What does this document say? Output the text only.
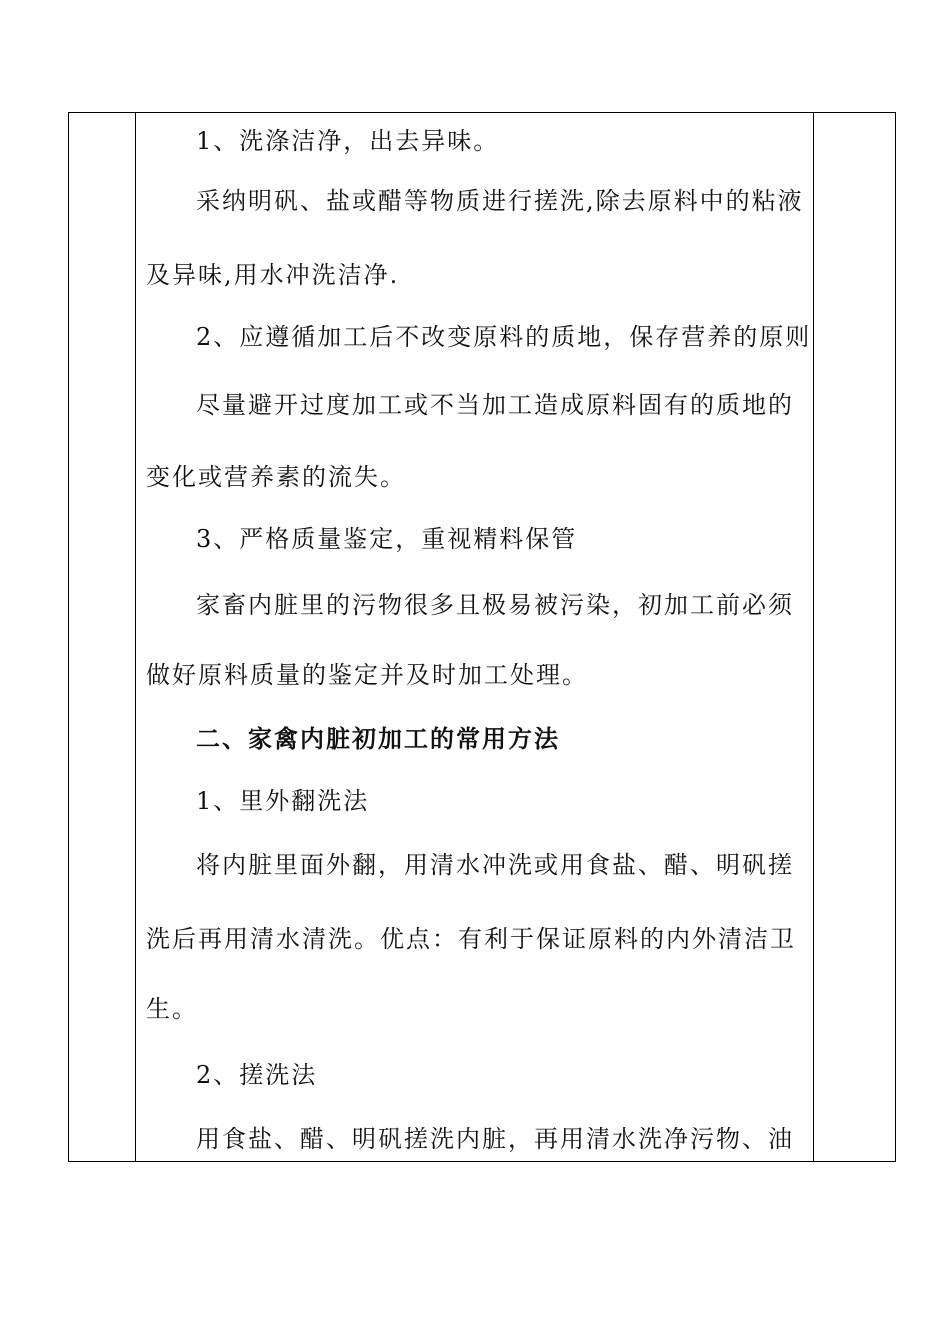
1、洗涤洁净，出去异味。
采纳明矾、盐或醋等物质进行搓洗,除去原料中的粘液
及异味,用水冲洗洁净.
2、应遵循加工后不改变原料的质地，保存营养的原则
尽量避开过度加工或不当加工造成原料固有的质地的
变化或营养素的流失。
3、严格质量鉴定，重视精料保管
家畜内脏里的污物很多且极易被污染，初加工前必须
做好原料质量的鉴定并及时加工处理。
二、家禽内脏初加工的常用方法
1、里外翻洗法
将内脏里面外翻，用清水冲洗或用食盐、醋、明矾搓
洗后再用清水清洗。优点：有利于保证原料的内外清洁卫
生。
2、搓洗法
用食盐、醋、明矾搓洗内脏，再用清水洗净污物、油
